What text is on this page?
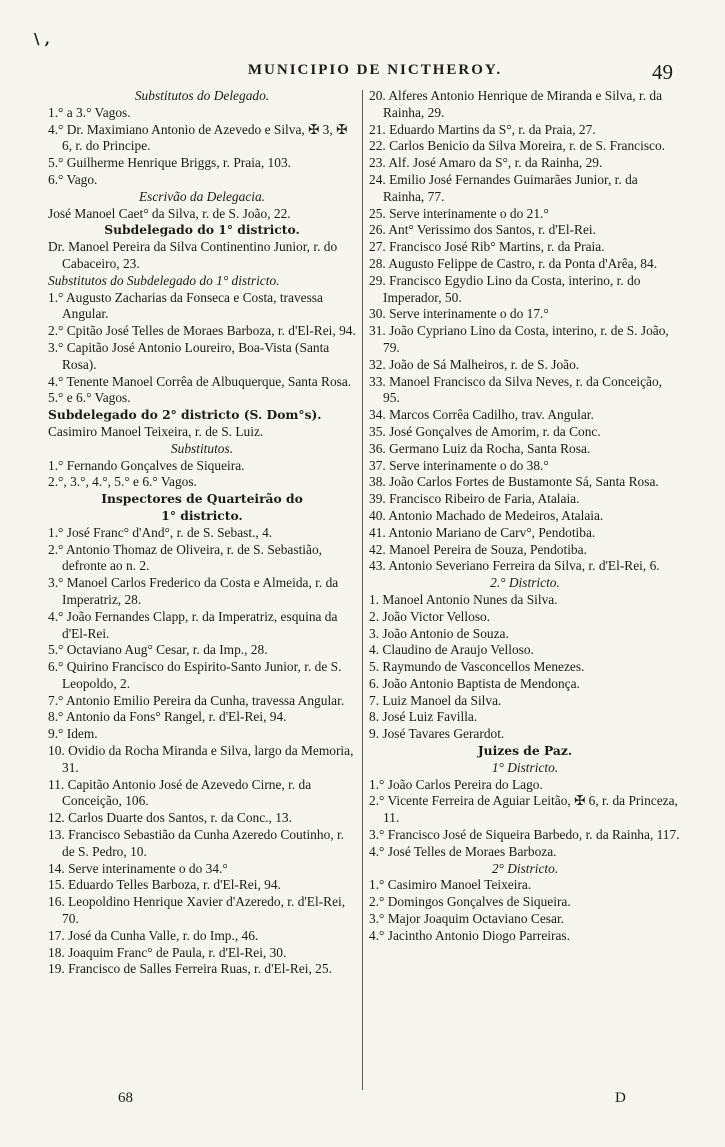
\ ,
MUNICIPIO DE NICTHEROY.	49

Substitutos do Delegado.

1.° a 3.° Vagos.

4.° Dr. Maximiano Antonio de Azevedo e Silva, ✠ 3, ✠ 6, r. do Principe.

5.° Guilherme Henrique Briggs, r. Praia, 103.

6.° Vago.

Escrivão da Delegacia.

José Manoel Caet° da Silva, r. de S. João, 22.

Subdelegado do 1° districto.

Dr. Manoel Pereira da Silva Continentino Junior, r. do Cabaceiro, 23.

Substitutos do Subdelegado do 1° districto.

1.° Augusto Zacharias da Fonseca e Costa, travessa Angular.

2.° Cpitão José Telles de Moraes Barboza, r. d'El-Rei, 94.

3.° Capitão José Antonio Loureiro, Boa-Vista (Santa Rosa).

4.° Tenente Manoel Corrêa de Albuquerque, Santa Rosa.

5.° e 6.° Vagos.

Subdelegado do 2° districto (S. Dom°s).

Casimiro Manoel Teixeira, r. de S. Luiz.

Substitutos.

1.° Fernando Gonçalves de Siqueira.

2.°, 3.°, 4.°, 5.° e 6.° Vagos.

Inspectores de Quarteirão do

1° districto.

1.° José Franc° d'And°, r. de S. Sebast., 4.

2.° Antonio Thomaz de Oliveira, r. de S. Sebastião, defronte ao n. 2.

3.° Manoel Carlos Frederico da Costa e Almeida, r. da Imperatriz, 28.

4.° João Fernandes Clapp, r. da Imperatriz, esquina da d'El-Rei.

5.° Octaviano Aug° Cesar, r. da Imp., 28.

6.° Quirino Francisco do Espirito-Santo Junior, r. de S. Leopoldo, 2.

7.° Antonio Emilio Pereira da Cunha, travessa Angular.

8.° Antonio da Fons° Rangel, r. d'El-Rei, 94.

9.° Idem.

10. Ovidio da Rocha Miranda e Silva, largo da Memoria, 31.

11. Capitão Antonio José de Azevedo Cirne, r. da Conceição, 106.

12. Carlos Duarte dos Santos, r. da Conc., 13.

13. Francisco Sebastião da Cunha Azeredo Coutinho, r. de S. Pedro, 10.

14. Serve interinamente o do 34.°

15. Eduardo Telles Barboza, r. d'El-Rei, 94.

16. Leopoldino Henrique Xavier d'Azeredo, r. d'El-Rei, 70.

17. José da Cunha Valle, r. do Imp., 46.

18. Joaquim Franc° de Paula, r. d'El-Rei, 30.

19. Francisco de Salles Ferreira Ruas, r. d'El-Rei, 25.

20. Alferes Antonio Henrique de Miranda e Silva, r. da Rainha, 29.

21. Eduardo Martins da S°, r. da Praia, 27.

22. Carlos Benicio da Silva Moreira, r. de S. Francisco.

23. Alf. José Amaro da S°, r. da Rainha, 29.

24. Emilio José Fernandes Guimarães Junior, r. da Rainha, 77.

25. Serve interinamente o do 21.°

26. Ant° Verissimo dos Santos, r. d'El-Rei.

27. Francisco José Rib° Martins, r. da Praia.

28. Augusto Felippe de Castro, r. da Ponta d'Arêa, 84.

29. Francisco Egydio Lino da Costa, interino, r. do Imperador, 50.

30. Serve interinamente o do 17.°

31. João Cypriano Lino da Costa, interino, r. de S. João, 79.

32. João de Sá Malheiros, r. de S. João.

33. Manoel Francisco da Silva Neves, r. da Conceição, 95.

34. Marcos Corrêa Cadilho, trav. Angular.

35. José Gonçalves de Amorim, r. da Conc.

36. Germano Luiz da Rocha, Santa Rosa.

37. Serve interinamente o do 38.°

38. João Carlos Fortes de Bustamonte Sá, Santa Rosa.

39. Francisco Ribeiro de Faria, Atalaia.

40. Antonio Machado de Medeiros, Atalaia.

41. Antonio Mariano de Carv°, Pendotiba.

42. Manoel Pereira de Souza, Pendotiba.

43. Antonio Severiano Ferreira da Silva, r. d'El-Rei, 6.

2.° Districto.

1. Manoel Antonio Nunes da Silva.

2. João Victor Velloso.

3. João Antonio de Souza.

4. Claudino de Araujo Velloso.

5. Raymundo de Vasconcellos Menezes.

6. João Antonio Baptista de Mendonça.

7. Luiz Manoel da Silva.

8. José Luiz Favilla.

9. José Tavares Gerardot.

Juizes de Paz.

1° Districto.

1.° João Carlos Pereira do Lago.

2.° Vicente Ferreira de Aguiar Leitão, ✠ 6, r. da Princeza, 11.

3.° Francisco José de Siqueira Barbedo, r. da Rainha, 117.

4.° José Telles de Moraes Barboza.

2° Districto.

1.° Casimiro Manoel Teixeira.

2.° Domingos Gonçalves de Siqueira.

3.° Major Joaquim Octaviano Cesar.

4.° Jacintho Antonio Diogo Parreiras.

68	D
